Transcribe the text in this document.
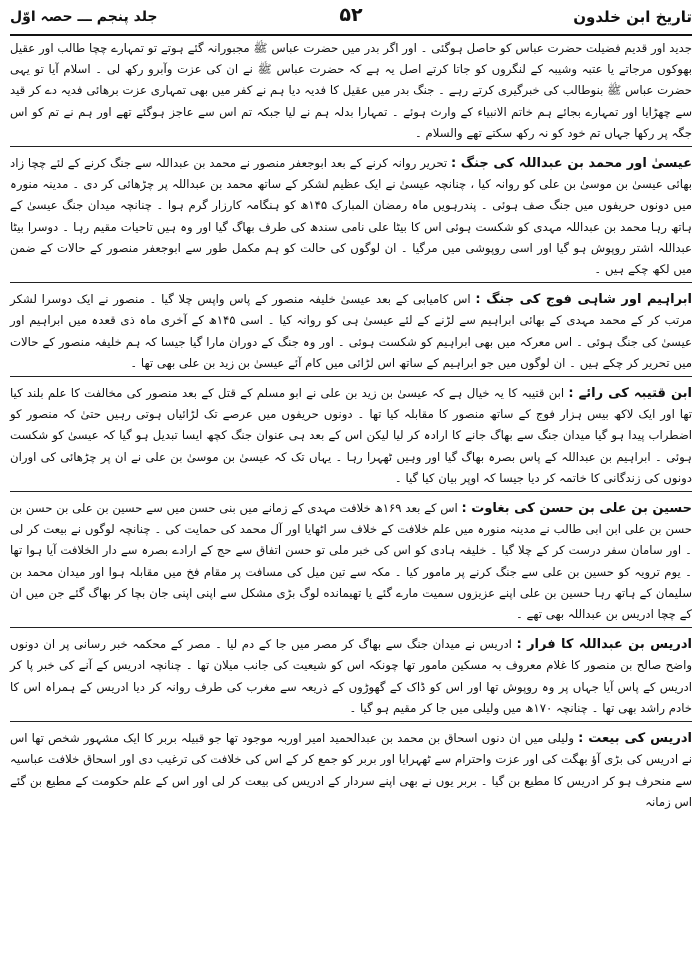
تاریخ ابن خلدون
۵۲
جلد پنجم ـــ حصہ اوّل

جدید اور قدیم فضیلت حضرت عباس کو حاصل ہوگئی ۔ اور اگر بدر میں حضرت عباس ﷺ مجبورانہ گئے ہوتے تو تمہارے چچا طالب اور عقیل بھوکوں مرجاتے یا عتبہ وشیبہ کے لنگروں کو جاتا کرتے اصل یہ ہے کہ حضرت عباس ﷺ نے ان کی عزت وآبرو رکھ لی ۔ اسلام آیا تو یہی حضرت عباس ﷺ بنوطالب کی خبرگیری کرتے رہے ۔ جنگ بدر میں عقیل کا فدیہ دیا ہم نے کفر میں بھی تمہاری عزت برھائی فدیہ دے کر قید سے چھڑایا اور تمہارے بجائے ہم خاتم الانبیاء کے وارث ہوئے ۔ تمہارا بدلہ ہم نے لیا جبکہ تم اس سے عاجز ہوگئے تھے اور ہم نے تم کو اس جگہ پر رکھا جہاں تم خود کو نہ رکھ سکتے تھے والسلام ۔

عیسیٰ اور محمد بن عبداللہ کی جنگ : تحریر روانہ کرنے کے بعد ابوجعفر منصور نے محمد بن عبداللہ سے جنگ کرنے کے لئے چچا زاد بھائی عیسیٰ بن موسیٰ بن علی کو روانہ کیا ، چنانچہ عیسیٰ نے ایک عظیم لشکر کے ساتھ محمد بن عبداللہ پر چڑھائی کر دی ۔ مدینہ منورہ میں دونوں حریفوں میں جنگ صف ہوئی ۔ پندرہویں ماہ رمضان المبارک ۱۴۵ھ کو ہنگامہ کارزار گرم ہوا ۔ چنانچہ میدان جنگ عیسیٰ کے ہاتھ رہا محمد بن عبداللہ مہدی کو شکست ہوئی اس کا بیٹا علی نامی سندھ کی طرف بھاگ گیا اور وہ ہیں تاحیات مقیم رہا ۔ دوسرا بیٹا عبداللہ اشتر روپوش ہو گیا اور اسی روپوشی میں مرگیا ۔ ان لوگوں کی حالت کو ہم مکمل طور سے ابوجعفر منصور کے حالات کے ضمن میں لکھ چکے ہیں ۔

ابراہیم اور شاہی فوج کی جنگ : اس کامیابی کے بعد عیسیٰ خلیفہ منصور کے پاس واپس چلا گیا ۔ منصور نے ایک دوسرا لشکر مرتب کر کے محمد مہدی کے بھائی ابراہیم سے لڑنے کے لئے عیسیٰ ہی کو روانہ کیا ۔ اسی ۱۴۵ھ کے آخری ماہ ذی قعدہ میں ابراہیم اور عیسیٰ کی جنگ ہوئی ۔ اس معرکہ میں بھی ابراہیم کو شکست ہوئی ۔ اور وہ جنگ کے دوران مارا گیا جیسا کہ ہم خلیفہ منصور کے حالات میں تحریر کر چکے ہیں ۔ ان لوگوں میں جو ابراہیم کے ساتھ اس لڑائی میں کام آئے عیسیٰ بن زید بن علی بھی تھا ۔

ابن قتیبہ کی رائے : ابن قتیبہ کا یہ خیال ہے کہ عیسیٰ بن زید بن علی نے ابو مسلم کے قتل کے بعد منصور کی مخالفت کا علم بلند کیا تھا اور ایک لاکھ بیس ہزار فوج کے ساتھ منصور کا مقابلہ کیا تھا ۔ دونوں حریفوں میں عرصے تک لڑائیاں ہوتی رہیں حتیٰ کہ منصور کو اضطراب پیدا ہو گیا میدان جنگ سے بھاگ جانے کا ارادہ کر لیا لیکن اس کے بعد ہی عنوان جنگ کچھ ایسا تبدیل ہو گیا کہ عیسیٰ کو شکست ہوئی ۔ ابراہیم بن عبداللہ کے پاس بصرہ بھاگ گیا اور وہیں ٹھہرا رہا ۔ یہاں تک کہ عیسیٰ بن موسیٰ بن علی نے ان پر چڑھائی کی اوران دونوں کی زندگانی کا خاتمہ کر دیا جیسا کہ اوپر بیان کیا گیا ۔

حسین بن علی بن حسن کی بغاوت : اس کے بعد ۱۶۹ھ خلافت مہدی کے زمانے میں بنی حسن میں سے حسین بن علی بن حسن بن حسن بن علی ابن ابی طالب نے مدینہ منورہ میں علم خلافت کے خلاف سر اٹھایا اور آل محمد کی حمایت کی ۔ چنانچہ لوگوں نے بیعت کر لی ۔ اور سامان سفر درست کر کے چلا گیا ۔ خلیفہ ہادی کو اس کی خبر ملی تو حسن اتفاق سے حج کے ارادے بصرہ سے دار الخلافت آیا ہوا تھا ۔ یوم ترویہ کو حسین بن علی سے جنگ کرنے پر مامور کیا ۔ مکہ سے تین میل کی مسافت پر مقام فخ میں مقابلہ ہوا اور میدان محمد بن سلیمان کے ہاتھ رہا حسین بن علی اپنے عزیزوں سمیت مارے گئے یا تھیمانده لوگ بڑی مشکل سے اپنی اپنی جان بچا کر بھاگ گئے جن میں ان کے چچا ادریس بن عبداللہ بھی تھے ۔

ادریس بن عبداللہ کا فرار : ادریس نے میدان جنگ سے بھاگ کر مصر میں جا کے دم لیا ۔ مصر کے محکمہ خبر رسانی پر ان دونوں واضح صالح بن منصور کا غلام معروف بہ مسکین مامور تھا چونکہ اس کو شیعیت کی جانب میلان تھا ۔ چنانچہ ادریس کے آنے کی خبر پا کر ادریس کے پاس آیا جہاں پر وہ روپوش تھا اور اس کو ڈاک کے گھوڑوں کے ذریعہ سے مغرب کی طرف روانہ کر دیا ادریس کے ہمراہ اس کا خادم راشد بھی تھا ۔ چنانچہ ۱۷۰ھ میں ولیلی میں جا کر مقیم ہو گیا ۔

ادریس کی بیعت : ولیلی میں ان دنوں اسحاق بن محمد بن عبدالحمید امیر اوربہ موجود تھا جو قبیلہ بربر کا ایک مشہور شخص تھا اس نے ادریس کی بڑی آؤ بھگت کی اور عزت واحترام سے ٹھہرایا اور بربر کو جمع کر کے اس کی خلافت کی ترغیب دی اور اسحاق خلافت عباسیہ سے منحرف ہو کر ادریس کا مطیع بن گیا ۔ بربر یوں نے بھی اپنے سردار کے ادریس کی بیعت کر لی اور اس کے علم حکومت کے مطیع بن گئے اس زمانہ
